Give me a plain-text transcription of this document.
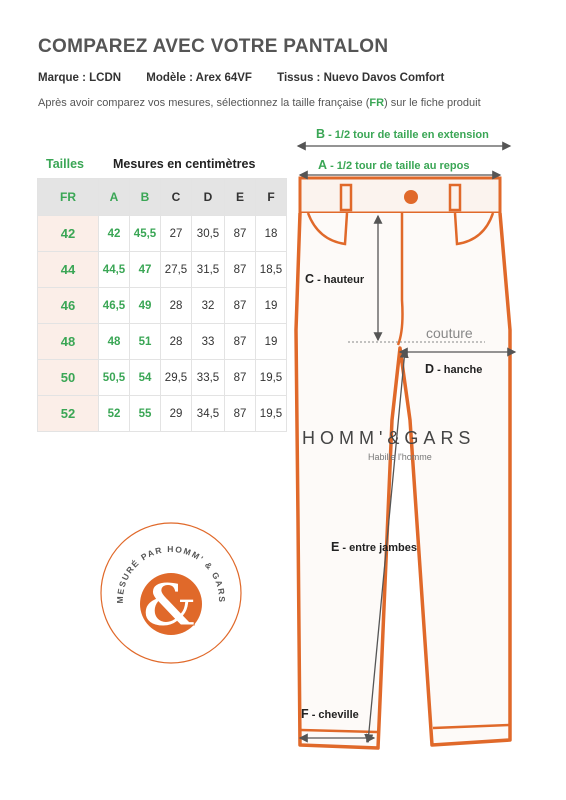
COMPAREZ AVEC VOTRE PANTALON
Marque : LCDN Modèle : Arex 64VF Tissus : Nuevo Davos Comfort
Après avoir comparez vos mesures, sélectionnez la taille française (FR) sur le fiche produit
Tailles Mesures en centimètres
FR	A	B	C	D	E	F
42	42	45,5	27	30,5	87	18
44	44,5	47	27,5	31,5	87	18,5
46	46,5	49	28	32	87	19
48	48	51	28	33	87	19
50	50,5	54	29,5	33,5	87	19,5
52	52	55	29	34,5	87	19,5
MESURÉ PAR HOMM' & GARS
&
B - 1/2 tour de taille en extension
A - 1/2 tour de taille au repos
C - hauteur
couture
D - hanche
E - entre jambes
F - cheville
HOMM'&GARS
Habille l'homme
